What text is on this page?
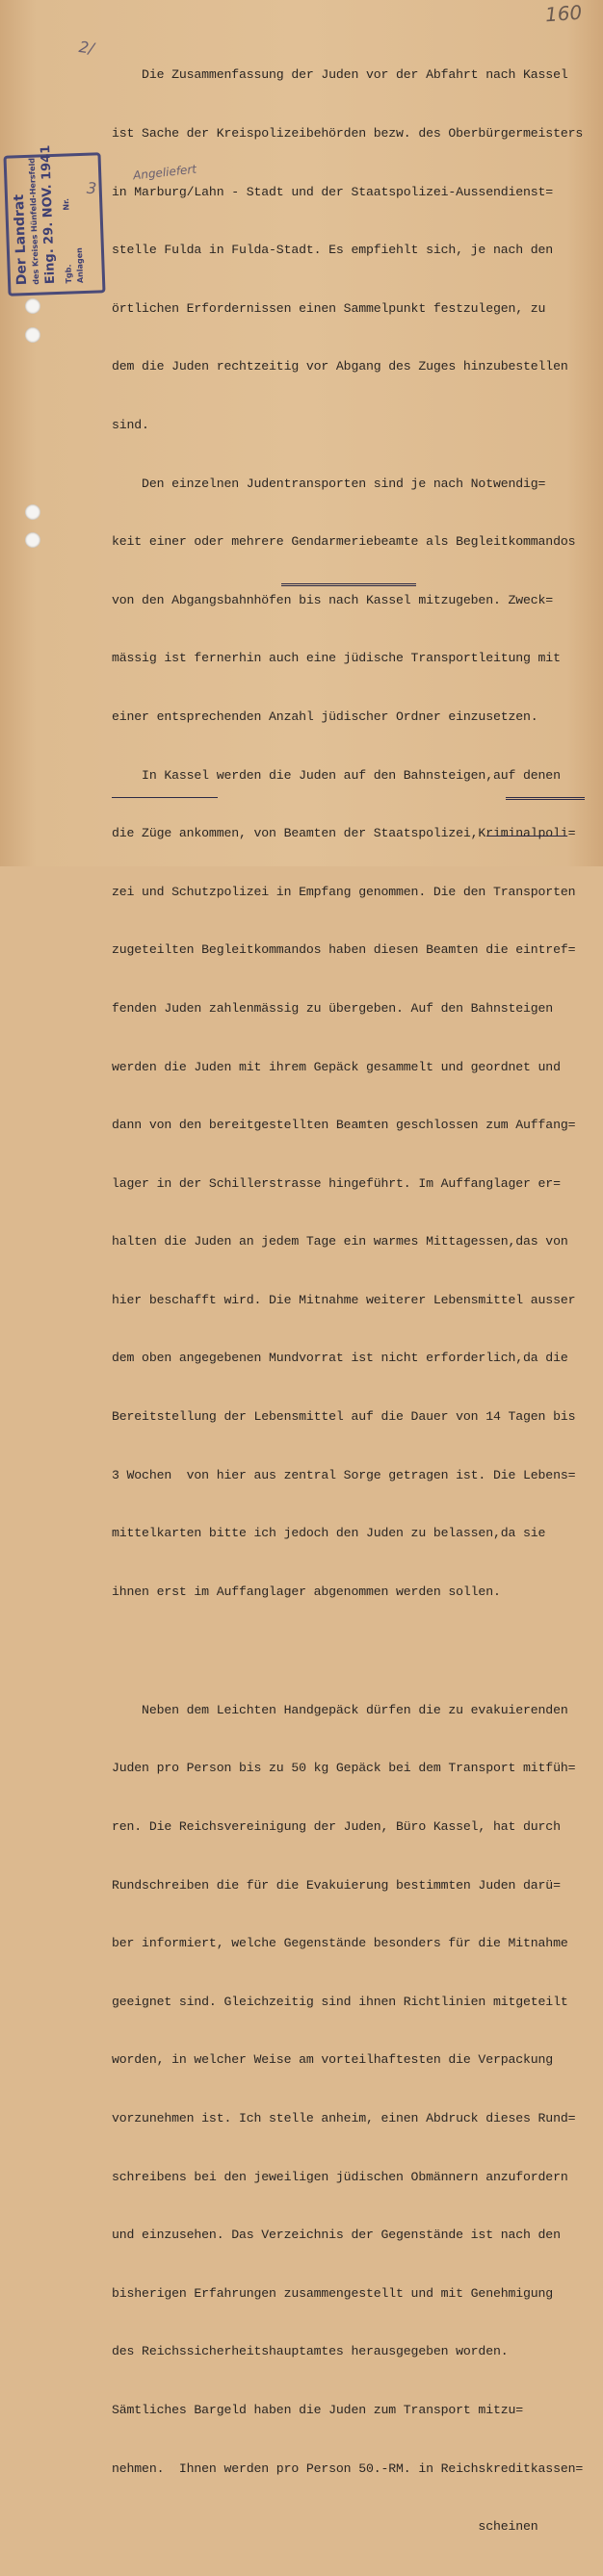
160
2/
Angeliefert
3
Der Landrat
des Kreises Hünfeld-Hersfeld
Eing. 29. NOV. 1941 Tgb.
Nr.
Anlagen

Die Zusammenfassung der Juden vor der Abfahrt nach Kassel

ist Sache der Kreispolizeibehörden bezw. des Oberbürgermeisters

in Marburg/Lahn - Stadt und der Staatspolizei-Aussendienst=

stelle Fulda in Fulda-Stadt. Es empfiehlt sich, je nach den

örtlichen Erfordernissen einen Sammelpunkt festzulegen, zu

dem die Juden rechtzeitig vor Abgang des Zuges hinzubestellen

sind.

Den einzelnen Judentransporten sind je nach Notwendig=

keit einer oder mehrere Gendarmeriebeamte als Begleitkommandos

von den Abgangsbahnhöfen bis nach Kassel mitzugeben. Zweck=

mässig ist fernerhin auch eine jüdische Transportleitung mit

einer entsprechenden Anzahl jüdischer Ordner einzusetzen.

In Kassel werden die Juden auf den Bahnsteigen,auf denen

die Züge ankommen, von Beamten der Staatspolizei,Kriminalpoli=

zei und Schutzpolizei in Empfang genommen. Die den Transporten

zugeteilten Begleitkommandos haben diesen Beamten die eintref=

fenden Juden zahlenmässig zu übergeben. Auf den Bahnsteigen

werden die Juden mit ihrem Gepäck gesammelt und geordnet und

dann von den bereitgestellten Beamten geschlossen zum Auffang=

lager in der Schillerstrasse hingeführt. Im Auffanglager er=

halten die Juden an jedem Tage ein warmes Mittagessen,das von

hier beschafft wird. Die Mitnahme weiterer Lebensmittel ausser

dem oben angegebenen Mundvorrat ist nicht erforderlich,da die

Bereitstellung der Lebensmittel auf die Dauer von 14 Tagen bis

3 Wochen  von hier aus zentral Sorge getragen ist. Die Lebens=

mittelkarten bitte ich jedoch den Juden zu belassen,da sie

ihnen erst im Auffanglager abgenommen werden sollen.

Neben dem Leichten Handgepäck dürfen die zu evakuierenden

Juden pro Person bis zu 50 kg Gepäck bei dem Transport mitfüh=

ren. Die Reichsvereinigung der Juden, Büro Kassel, hat durch

Rundschreiben die für die Evakuierung bestimmten Juden darü=

ber informiert, welche Gegenstände besonders für die Mitnahme

geeignet sind. Gleichzeitig sind ihnen Richtlinien mitgeteilt

worden, in welcher Weise am vorteilhaftesten die Verpackung

vorzunehmen ist. Ich stelle anheim, einen Abdruck dieses Rund=

schreibens bei den jeweiligen jüdischen Obmännern anzufordern

und einzusehen. Das Verzeichnis der Gegenstände ist nach den

bisherigen Erfahrungen zusammengestellt und mit Genehmigung

des Reichssicherheitshauptamtes herausgegeben worden.

Sämtliches Bargeld haben die Juden zum Transport mitzu=

nehmen.  Ihnen werden pro Person 50.-RM. in Reichskreditkassen=

scheinen
